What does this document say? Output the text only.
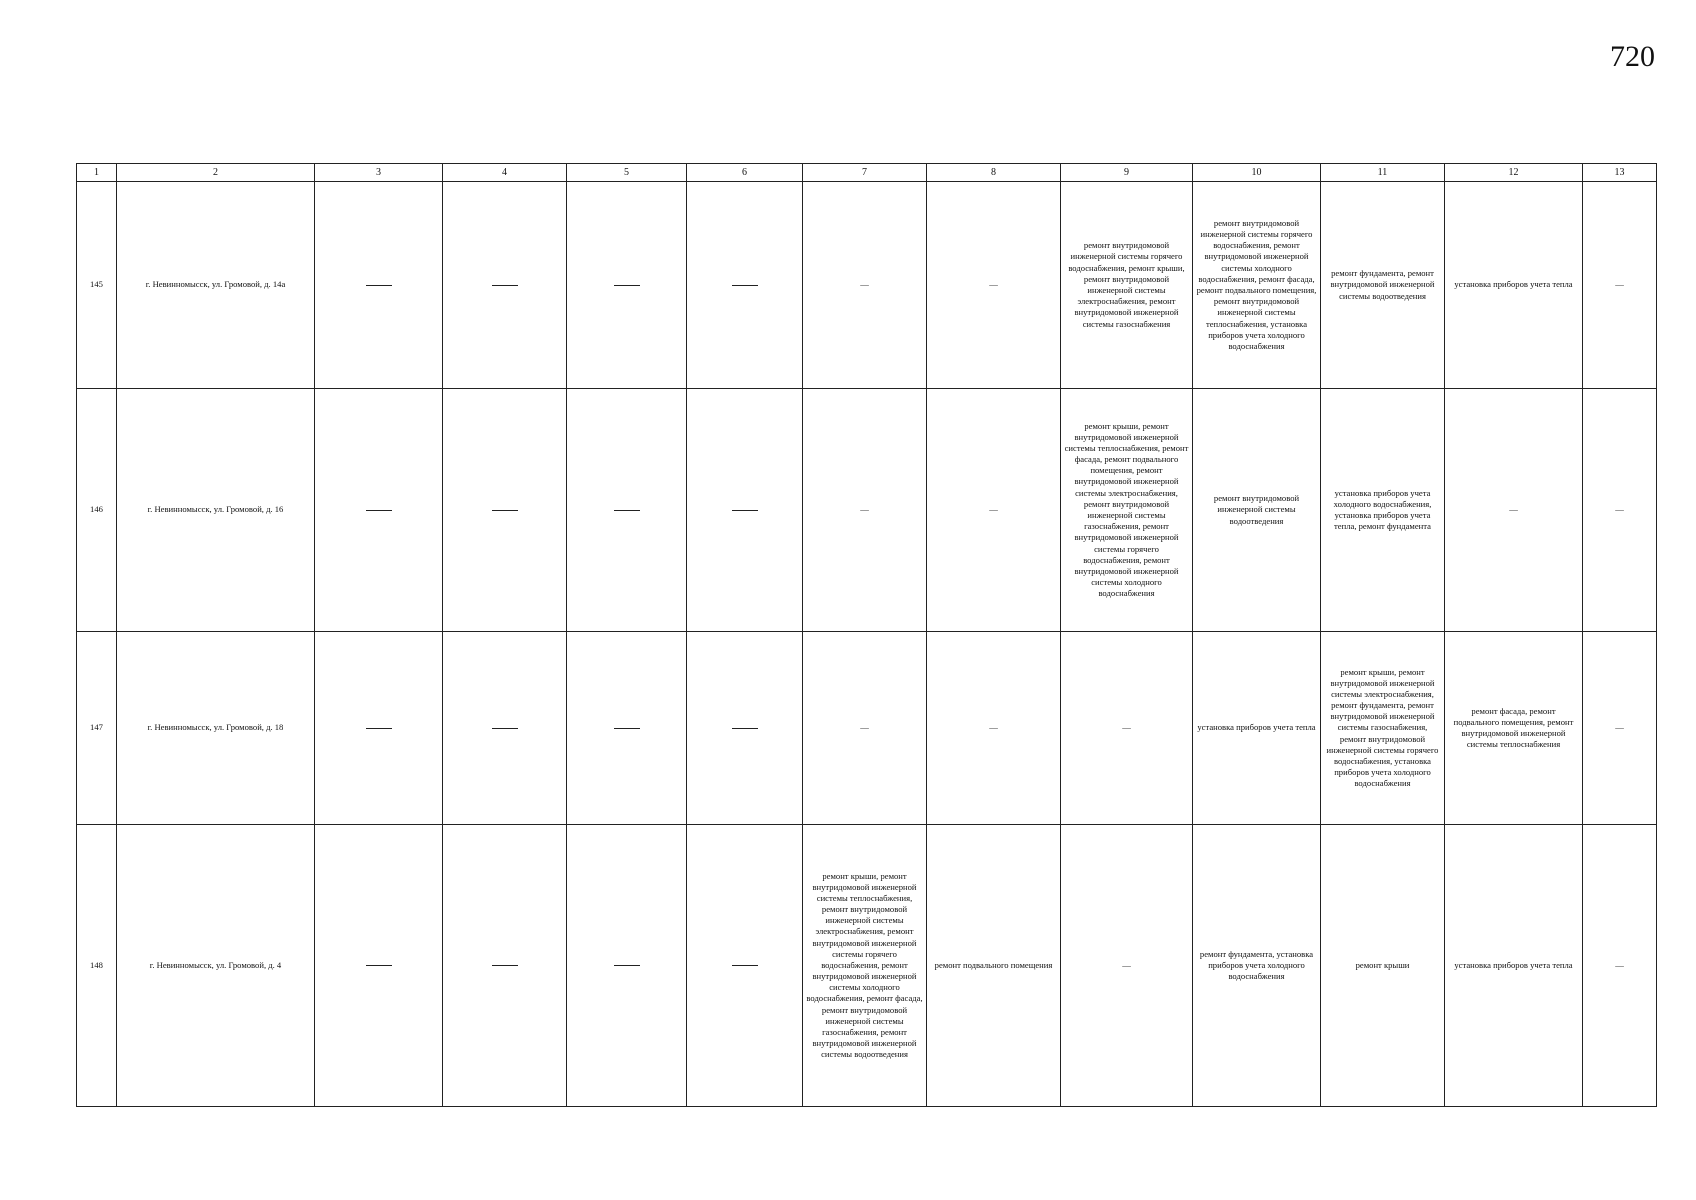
720
1	2	3	4	5	6	7	8	9	10	11	12	13
145	г. Невинномысск, ул. Громовой, д. 14а					—	—	ремонт внутридомовой инженерной системы горячего водоснабжения, ремонт крыши, ремонт внутридомовой инженерной системы электроснабжения, ремонт внутридомовой инженерной системы газоснабжения	ремонт внутридомовой инженерной системы горячего водоснабжения, ремонт внутридомовой инженерной системы холодного водоснабжения, ремонт фасада, ремонт подвального помещения, ремонт внутридомовой инженерной системы теплоснабжения, установка приборов учета холодного водоснабжения	ремонт фундамента, ремонт внутридомовой инженерной системы водоотведения	установка приборов учета тепла	—
146	г. Невинномысск, ул. Громовой, д. 16					—	—	ремонт крыши, ремонт внутридомовой инженерной системы теплоснабжения, ремонт фасада, ремонт подвального помещения, ремонт внутридомовой инженерной системы электроснабжения, ремонт внутридомовой инженерной системы газоснабжения, ремонт внутридомовой инженерной системы горячего водоснабжения, ремонт внутридомовой инженерной системы холодного водоснабжения	ремонт внутридомовой инженерной системы водоотведения	установка приборов учета холодного водоснабжения, установка приборов учета тепла, ремонт фундамента	—	—
147	г. Невинномысск, ул. Громовой, д. 18					—	—	—	установка приборов учета тепла	ремонт крыши, ремонт внутридомовой инженерной системы электроснабжения, ремонт фундамента, ремонт внутридомовой инженерной системы газоснабжения, ремонт внутридомовой инженерной системы горячего водоснабжения, установка приборов учета холодного водоснабжения	ремонт фасада, ремонт подвального помещения, ремонт внутридомовой инженерной системы теплоснабжения	—
148	г. Невинномысск, ул. Громовой, д. 4					ремонт крыши, ремонт внутридомовой инженерной системы теплоснабжения, ремонт внутридомовой инженерной системы электроснабжения, ремонт внутридомовой инженерной системы горячего водоснабжения, ремонт внутридомовой инженерной системы холодного водоснабжения, ремонт фасада, ремонт внутридомовой инженерной системы газоснабжения, ремонт внутридомовой инженерной системы водоотведения	ремонт подвального помещения	—	ремонт фундамента, установка приборов учета холодного водоснабжения	ремонт крыши	установка приборов учета тепла	—
